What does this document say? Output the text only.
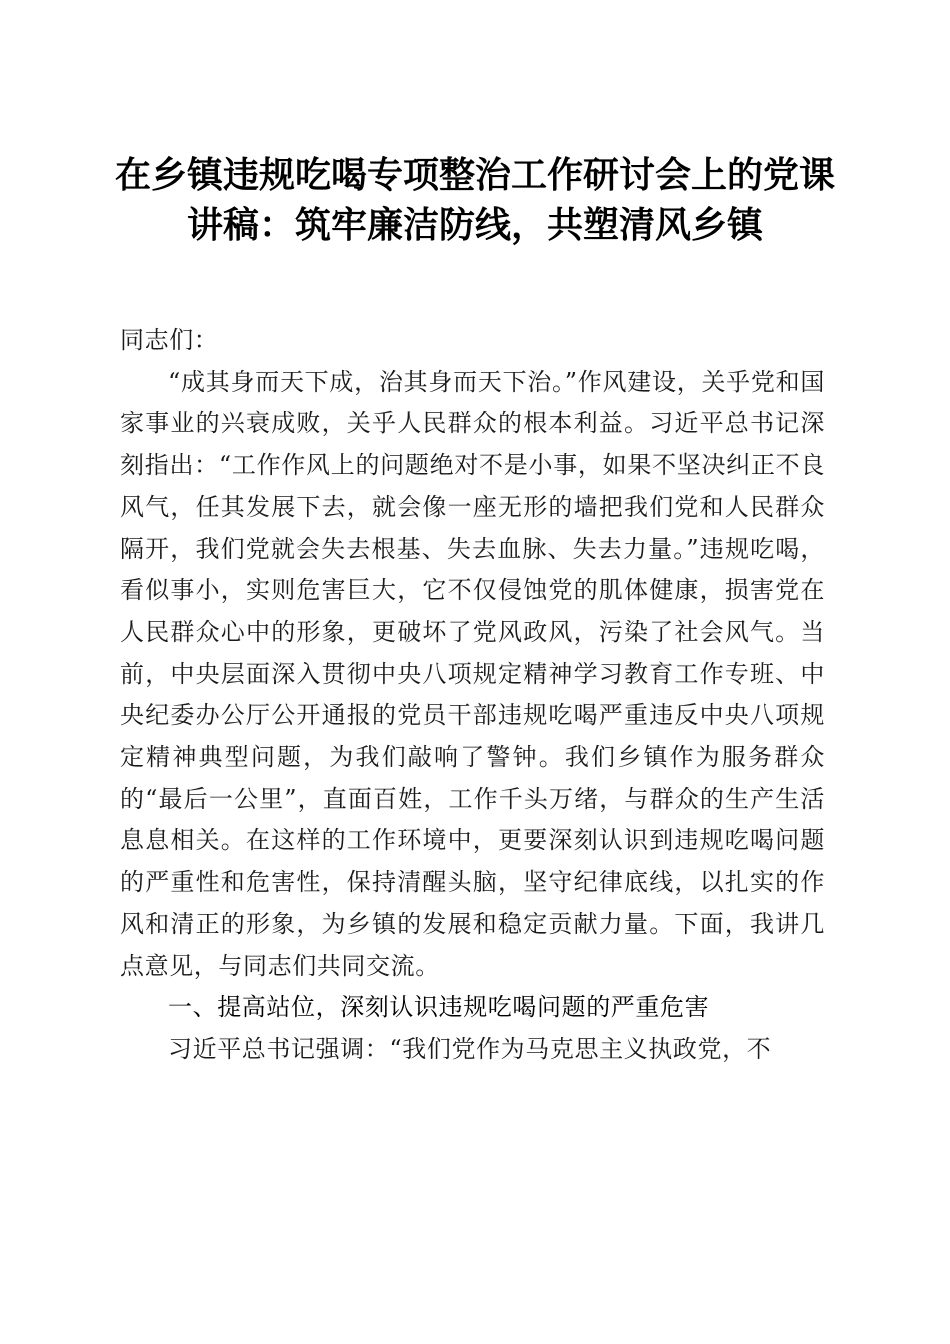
在乡镇违规吃喝专项整治工作研讨会上的党课
讲稿：筑牢廉洁防线，共塑清风乡镇

同志们：

“成其身而天下成，治其身而天下治。”作风建设，关乎党和国家事业的兴衰成败，关乎人民群众的根本利益。习近平总书记深刻指出：“工作作风上的问题绝对不是小事，如果不坚决纠正不良风气，任其发展下去，就会像一座无形的墙把我们党和人民群众隔开，我们党就会失去根基、失去血脉、失去力量。”违规吃喝，看似事小，实则危害巨大，它不仅侵蚀党的肌体健康，损害党在人民群众心中的形象，更破坏了党风政风，污染了社会风气。当前，中央层面深入贯彻中央八项规定精神学习教育工作专班、中央纪委办公厅公开通报的党员干部违规吃喝严重违反中央八项规定精神典型问题，为我们敲响了警钟。我们乡镇作为服务群众的“最后一公里”，直面百姓，工作千头万绪，与群众的生产生活息息相关。在这样的工作环境中，更要深刻认识到违规吃喝问题的严重性和危害性，保持清醒头脑，坚守纪律底线，以扎实的作风和清正的形象，为乡镇的发展和稳定贡献力量。下面，我讲几点意见，与同志们共同交流。

一、提高站位，深刻认识违规吃喝问题的严重危害

习近平总书记强调：“我们党作为马克思主义执政党，不
